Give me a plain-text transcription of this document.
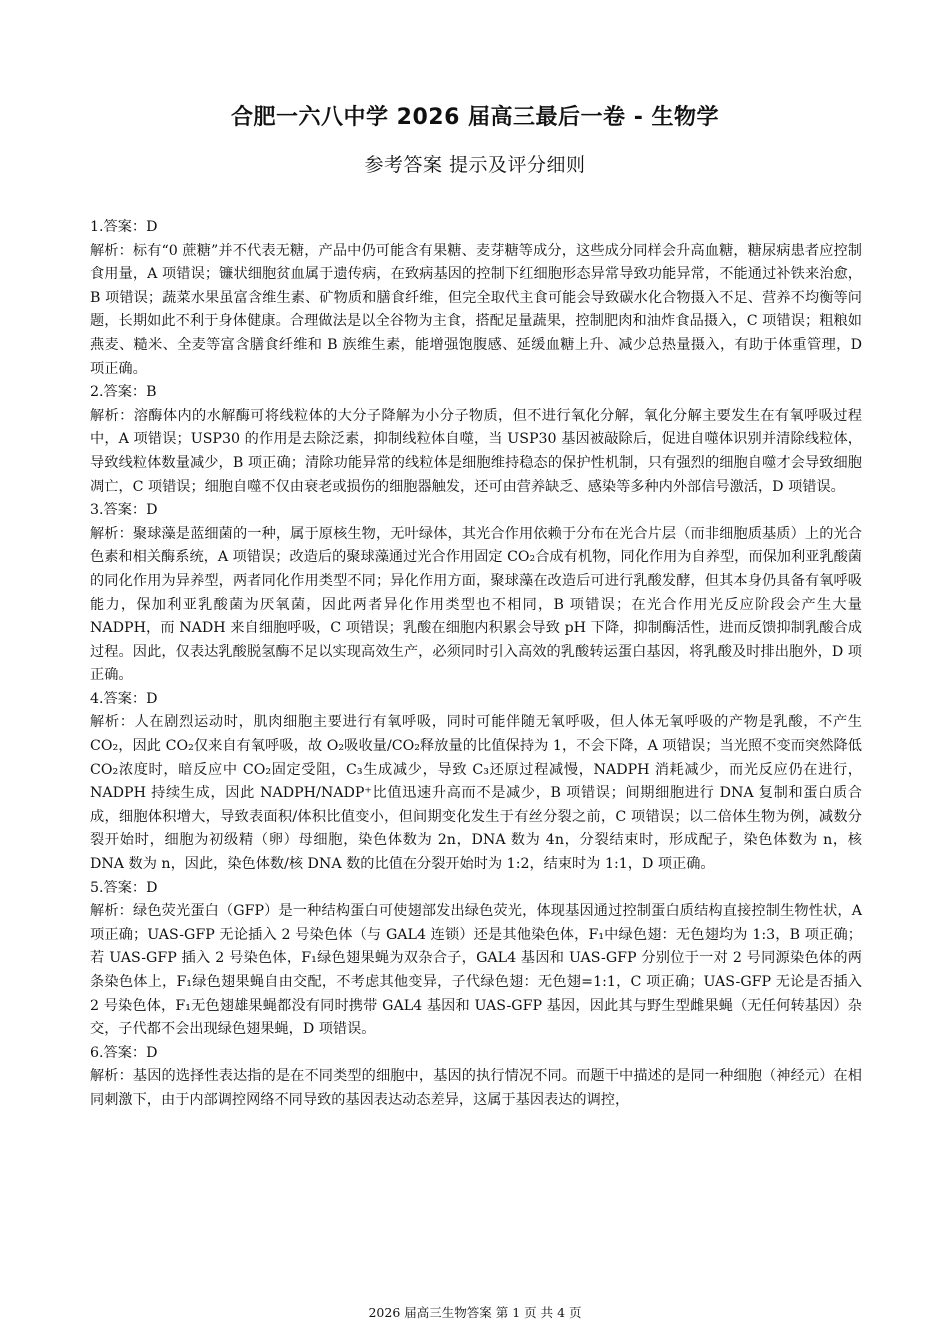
合肥一六八中学 2026 届高三最后一卷 - 生物学
参考答案 提示及评分细则

1.答案：D

解析：标有“0 蔗糖”并不代表无糖，产品中仍可能含有果糖、麦芽糖等成分，这些成分同样会升高血糖，糖尿病患者应控制食用量，A 项错误；镰状细胞贫血属于遗传病，在致病基因的控制下红细胞形态异常导致功能异常，不能通过补铁来治愈，B 项错误；蔬菜水果虽富含维生素、矿物质和膳食纤维，但完全取代主食可能会导致碳水化合物摄入不足、营养不均衡等问题，长期如此不利于身体健康。合理做法是以全谷物为主食，搭配足量蔬果，控制肥肉和油炸食品摄入，C 项错误；粗粮如燕麦、糙米、全麦等富含膳食纤维和 B 族维生素，能增强饱腹感、延缓血糖上升、减少总热量摄入，有助于体重管理，D 项正确。

2.答案：B

解析：溶酶体内的水解酶可将线粒体的大分子降解为小分子物质，但不进行氧化分解，氧化分解主要发生在有氧呼吸过程中，A 项错误；USP30 的作用是去除泛素，抑制线粒体自噬，当 USP30 基因被敲除后，促进自噬体识别并清除线粒体，导致线粒体数量减少，B 项正确；清除功能异常的线粒体是细胞维持稳态的保护性机制，只有强烈的细胞自噬才会导致细胞凋亡，C 项错误；细胞自噬不仅由衰老或损伤的细胞器触发，还可由营养缺乏、感染等多种内外部信号激活，D 项错误。

3.答案：D

解析：聚球藻是蓝细菌的一种，属于原核生物，无叶绿体，其光合作用依赖于分布在光合片层（而非细胞质基质）上的光合色素和相关酶系统，A 项错误；改造后的聚球藻通过光合作用固定 CO₂合成有机物，同化作用为自养型，而保加利亚乳酸菌的同化作用为异养型，两者同化作用类型不同；异化作用方面，聚球藻在改造后可进行乳酸发酵，但其本身仍具备有氧呼吸能力，保加利亚乳酸菌为厌氧菌，因此两者异化作用类型也不相同，B 项错误；在光合作用光反应阶段会产生大量 NADPH，而 NADH 来自细胞呼吸，C 项错误；乳酸在细胞内积累会导致 pH 下降，抑制酶活性，进而反馈抑制乳酸合成过程。因此，仅表达乳酸脱氢酶不足以实现高效生产，必须同时引入高效的乳酸转运蛋白基因，将乳酸及时排出胞外，D 项正确。

4.答案：D

解析：人在剧烈运动时，肌肉细胞主要进行有氧呼吸，同时可能伴随无氧呼吸，但人体无氧呼吸的产物是乳酸，不产生 CO₂，因此 CO₂仅来自有氧呼吸，故 O₂吸收量/CO₂释放量的比值保持为 1，不会下降，A 项错误；当光照不变而突然降低 CO₂浓度时，暗反应中 CO₂固定受阻，C₃生成减少，导致 C₃还原过程减慢，NADPH 消耗减少，而光反应仍在进行，NADPH 持续生成，因此 NADPH/NADP⁺比值迅速升高而不是减少，B 项错误；间期细胞进行 DNA 复制和蛋白质合成，细胞体积增大，导致表面积/体积比值变小，但间期变化发生于有丝分裂之前，C 项错误；以二倍体生物为例，减数分裂开始时，细胞为初级精（卵）母细胞，染色体数为 2n，DNA 数为 4n，分裂结束时，形成配子，染色体数为 n，核 DNA 数为 n，因此，染色体数/核 DNA 数的比值在分裂开始时为 1:2，结束时为 1:1，D 项正确。

5.答案：D

解析：绿色荧光蛋白（GFP）是一种结构蛋白可使翅部发出绿色荧光，体现基因通过控制蛋白质结构直接控制生物性状，A 项正确；UAS-GFP 无论插入 2 号染色体（与 GAL4 连锁）还是其他染色体，F₁中绿色翅：无色翅均为 1:3，B 项正确；若 UAS-GFP 插入 2 号染色体，F₁绿色翅果蝇为双杂合子，GAL4 基因和 UAS-GFP 分别位于一对 2 号同源染色体的两条染色体上，F₁绿色翅果蝇自由交配，不考虑其他变异，子代绿色翅：无色翅=1:1，C 项正确；UAS-GFP 无论是否插入 2 号染色体，F₁无色翅雄果蝇都没有同时携带 GAL4 基因和 UAS-GFP 基因，因此其与野生型雌果蝇（无任何转基因）杂交，子代都不会出现绿色翅果蝇，D 项错误。

6.答案：D

解析：基因的选择性表达指的是在不同类型的细胞中，基因的执行情况不同。而题干中描述的是同一种细胞（神经元）在相同刺激下，由于内部调控网络不同导致的基因表达动态差异，这属于基因表达的调控，

2026 届高三生物答案 第 1 页 共 4 页
